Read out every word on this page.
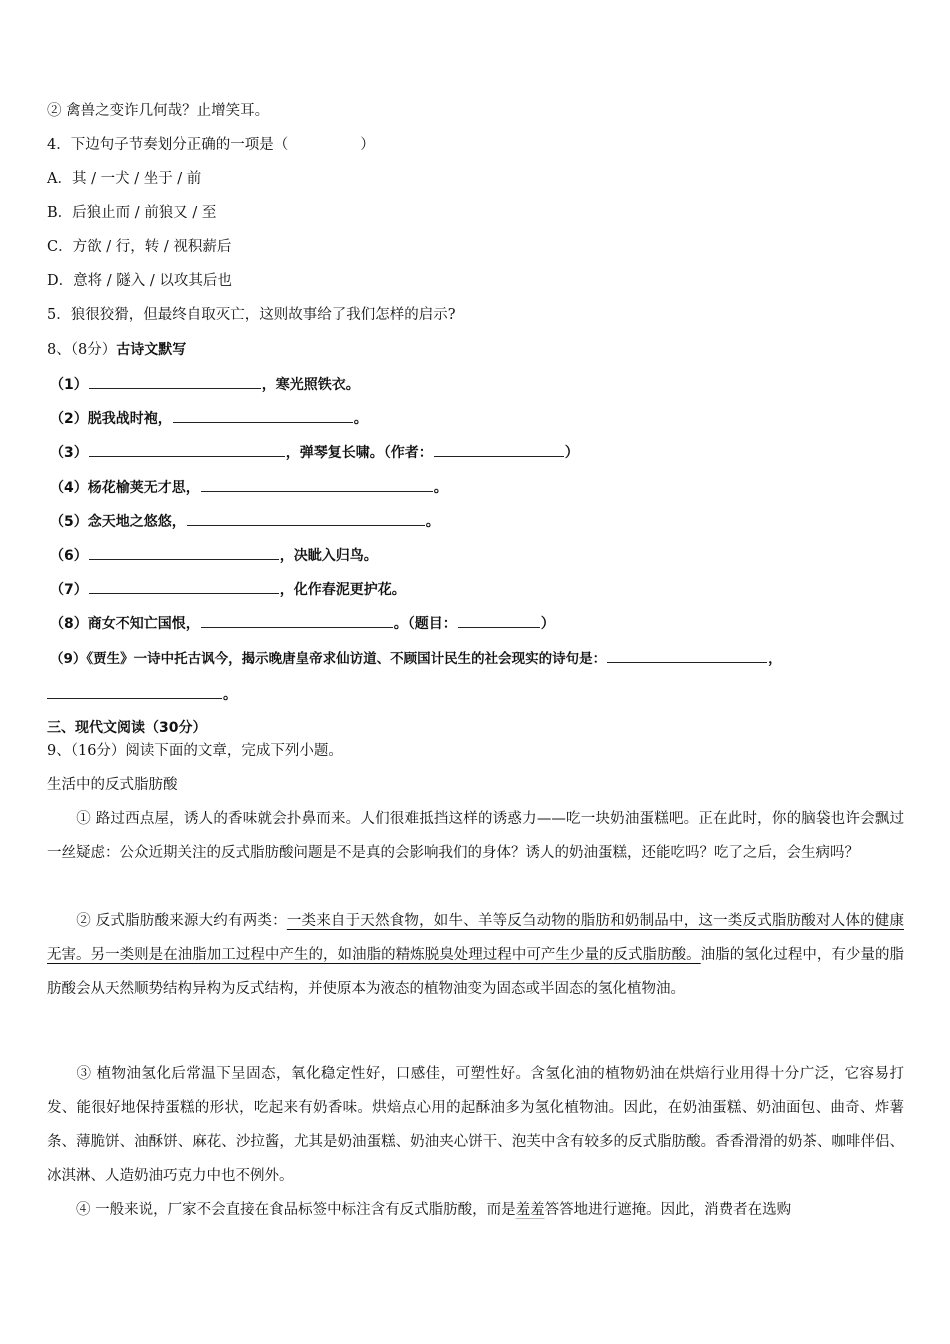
② 禽兽之变诈几何哉？止增笑耳。
4．下边句子节奏划分正确的一项是（	）
A．其 / 一犬 / 坐于 / 前
B．后狼止而 / 前狼又 / 至
C．方欲 / 行，转 / 视积薪后
D．意将 / 隧入 / 以攻其后也
5．狼很狡猾，但最终自取灭亡，这则故事给了我们怎样的启示?
8、（8分）古诗文默写
（1）	，寒光照铁衣。
（2）脱我战时袍，	。
（3）	，弹琴复长啸。（作者：	）
（4）杨花榆荚无才思，	。
（5）念天地之悠悠，	。
（6）	，决眦入归鸟。
（7）	，化作春泥更护花。
（8）商女不知亡国恨，	。（题目：	）
（9）《贾生》一诗中托古讽今，揭示晚唐皇帝求仙访道、不顾国计民生的社会现实的诗句是：	，
。
三、现代文阅读（30分）
9、（16分）阅读下面的文章，完成下列小题。
生活中的反式脂肪酸
① 路过西点屋，诱人的香味就会扑鼻而来。人们很难抵挡这样的诱惑力——吃一块奶油蛋糕吧。正在此时，你的脑袋也许会飘过一丝疑虑：公众近期关注的反式脂肪酸问题是不是真的会影响我们的身体？诱人的奶油蛋糕，还能吃吗？吃了之后，会生病吗？
② 反式脂肪酸来源大约有两类：一类来自于天然食物，如牛、羊等反刍动物的脂肪和奶制品中，这一类反式脂肪酸对人体的健康无害。另一类则是在油脂加工过程中产生的，如油脂的精炼脱臭处理过程中可产生少量的反式脂肪酸。油脂的氢化过程中，有少量的脂肪酸会从天然顺势结构异构为反式结构，并使原本为液态的植物油变为固态或半固态的氢化植物油。
③ 植物油氢化后常温下呈固态，氧化稳定性好，口感佳，可塑性好。含氢化油的植物奶油在烘焙行业用得十分广泛，它容易打发、能很好地保持蛋糕的形状，吃起来有奶香味。烘焙点心用的起酥油多为氢化植物油。因此，在奶油蛋糕、奶油面包、曲奇、炸薯条、薄脆饼、油酥饼、麻花、沙拉酱，尤其是奶油蛋糕、奶油夹心饼干、泡芙中含有较多的反式脂肪酸。香香滑滑的奶茶、咖啡伴侣、冰淇淋、人造奶油巧克力中也不例外。
④ 一般来说，厂家不会直接在食品标签中标注含有反式脂肪酸，而是羞羞答答地进行遮掩。因此，消费者在选购
